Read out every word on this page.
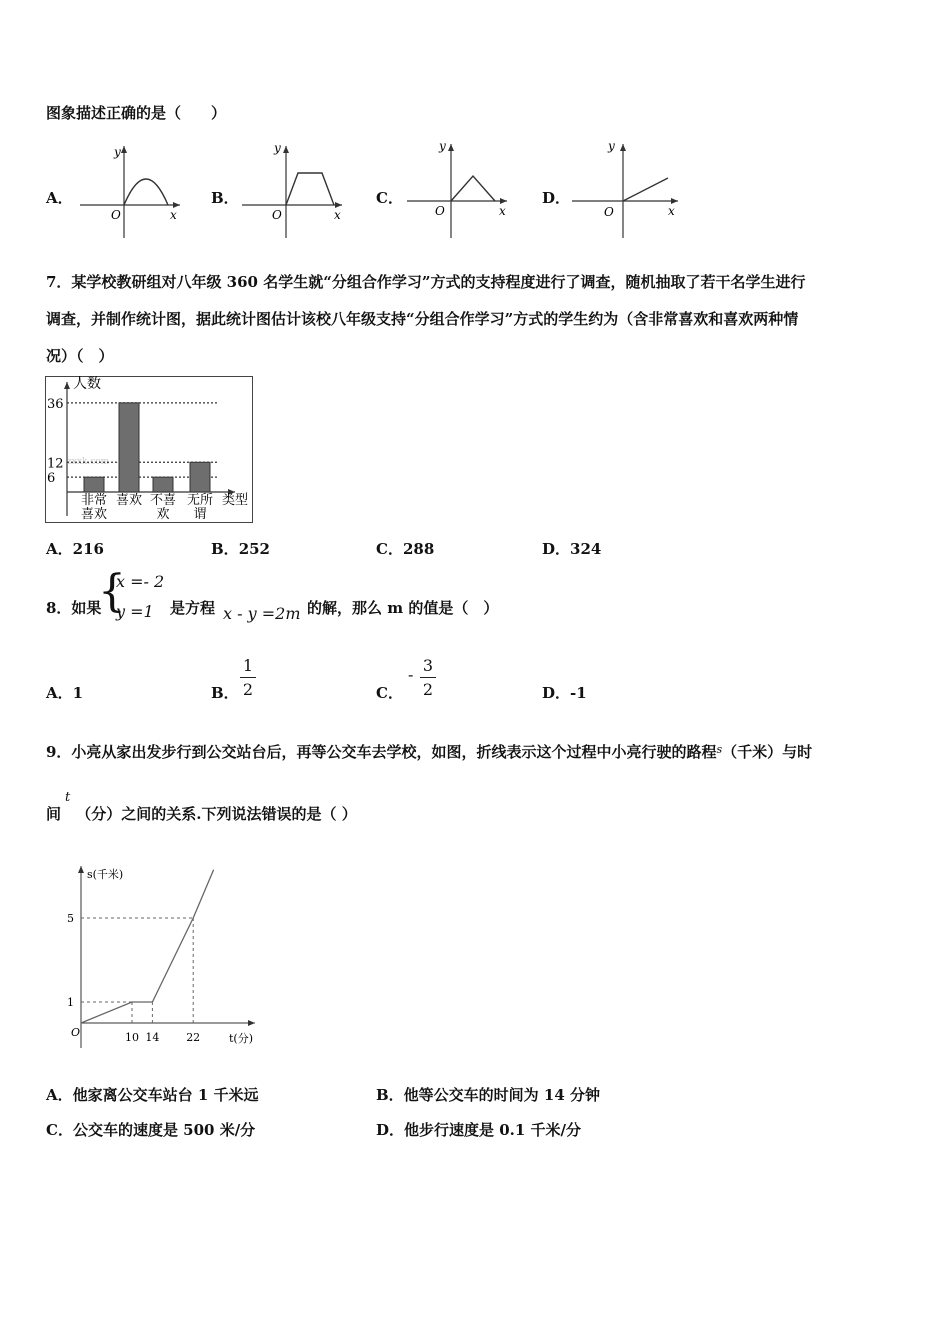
图象描述正确的是（　　）
A．	B．	C．	D．
y
O	x
y
O	x
y
O	x
y
O	x
7．某学校教研组对八年级 360 名学生就“分组合作学习”方式的支持程度进行了调查，随机抽取了若干名学生进行
调查，并制作统计图，据此统计图估计该校八年级支持“分组合作学习”方式的学生约为（含非常喜欢和喜欢两种情
况）（　）
人数
类型
zxxk.com
36
12
6
非常
喜欢
喜欢 不喜
欢
无所
谓
A．216	B．252	C．288	D．324
8．如果
{
x =- 2
y =1 是方程 x - y =2m 的解，那么 m 的值是（　）
A．1	B．
1
2	C．
- 3
2	D．-1
9．小亮从家出发步行到公交站台后，再等公交车去学校，如图，折线表示这个过程中小亮行驶的路程$^s$（千米）与时
间t（分）之间的关系.下列说法错误的是（ ）
s(千米)
t(分)
O
5
1
10 14 22
A．他家离公交车站台 1 千米远	B．他等公交车的时间为 14 分钟
C．公交车的速度是 500 米/分	D．他步行速度是 0.1 千米/分
